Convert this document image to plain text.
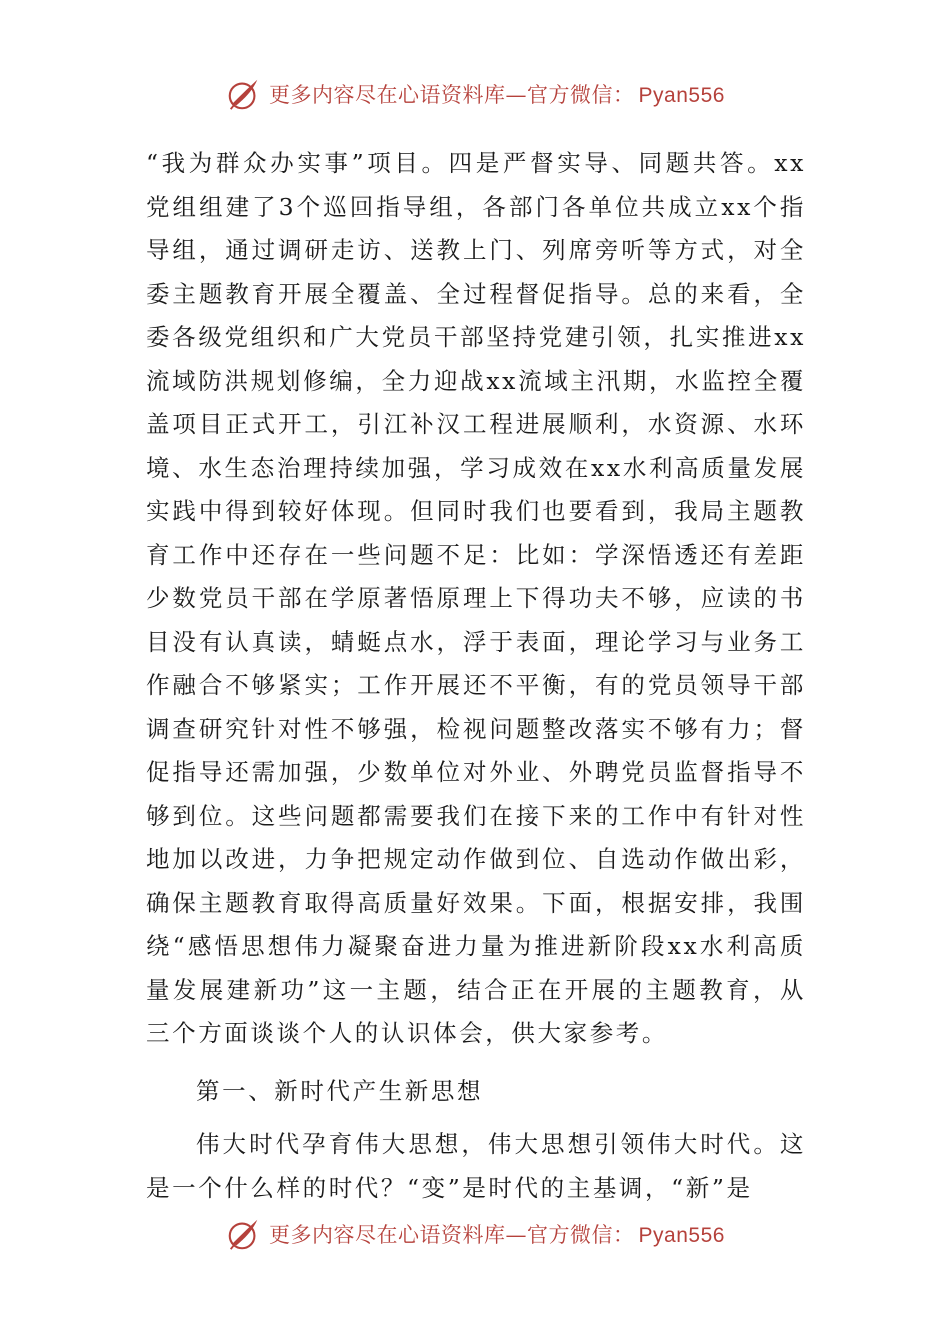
更多内容尽在心语资料库—官方微信： Pyan556

“我为群众办实事”项目。四是严督实导、同题共答。xx党组组建了3个巡回指导组，各部门各单位共成立xx个指导组，通过调研走访、送教上门、列席旁听等方式，对全委主题教育开展全覆盖、全过程督促指导。总的来看，全委各级党组织和广大党员干部坚持党建引领，扎实推进xx流域防洪规划修编，全力迎战xx流域主汛期，水监控全覆盖项目正式开工，引江补汉工程进展顺利，水资源、水环境、水生态治理持续加强，学习成效在xx水利高质量发展实践中得到较好体现。但同时我们也要看到，我局主题教育工作中还存在一些问题不足：比如：学深悟透还有差距少数党员干部在学原著悟原理上下得功夫不够，应读的书目没有认真读，蜻蜓点水，浮于表面，理论学习与业务工作融合不够紧实；工作开展还不平衡，有的党员领导干部调查研究针对性不够强，检视问题整改落实不够有力；督促指导还需加强，少数单位对外业、外聘党员监督指导不够到位。这些问题都需要我们在接下来的工作中有针对性地加以改进，力争把规定动作做到位、自选动作做出彩，确保主题教育取得高质量好效果。下面，根据安排，我围绕“感悟思想伟力凝聚奋进力量为推进新阶段xx水利高质量发展建新功”这一主题，结合正在开展的主题教育，从三个方面谈谈个人的认识体会，供大家参考。

第一、新时代产生新思想

伟大时代孕育伟大思想，伟大思想引领伟大时代。这是一个什么样的时代？“变”是时代的主基调，“新”是

更多内容尽在心语资料库—官方微信： Pyan556
